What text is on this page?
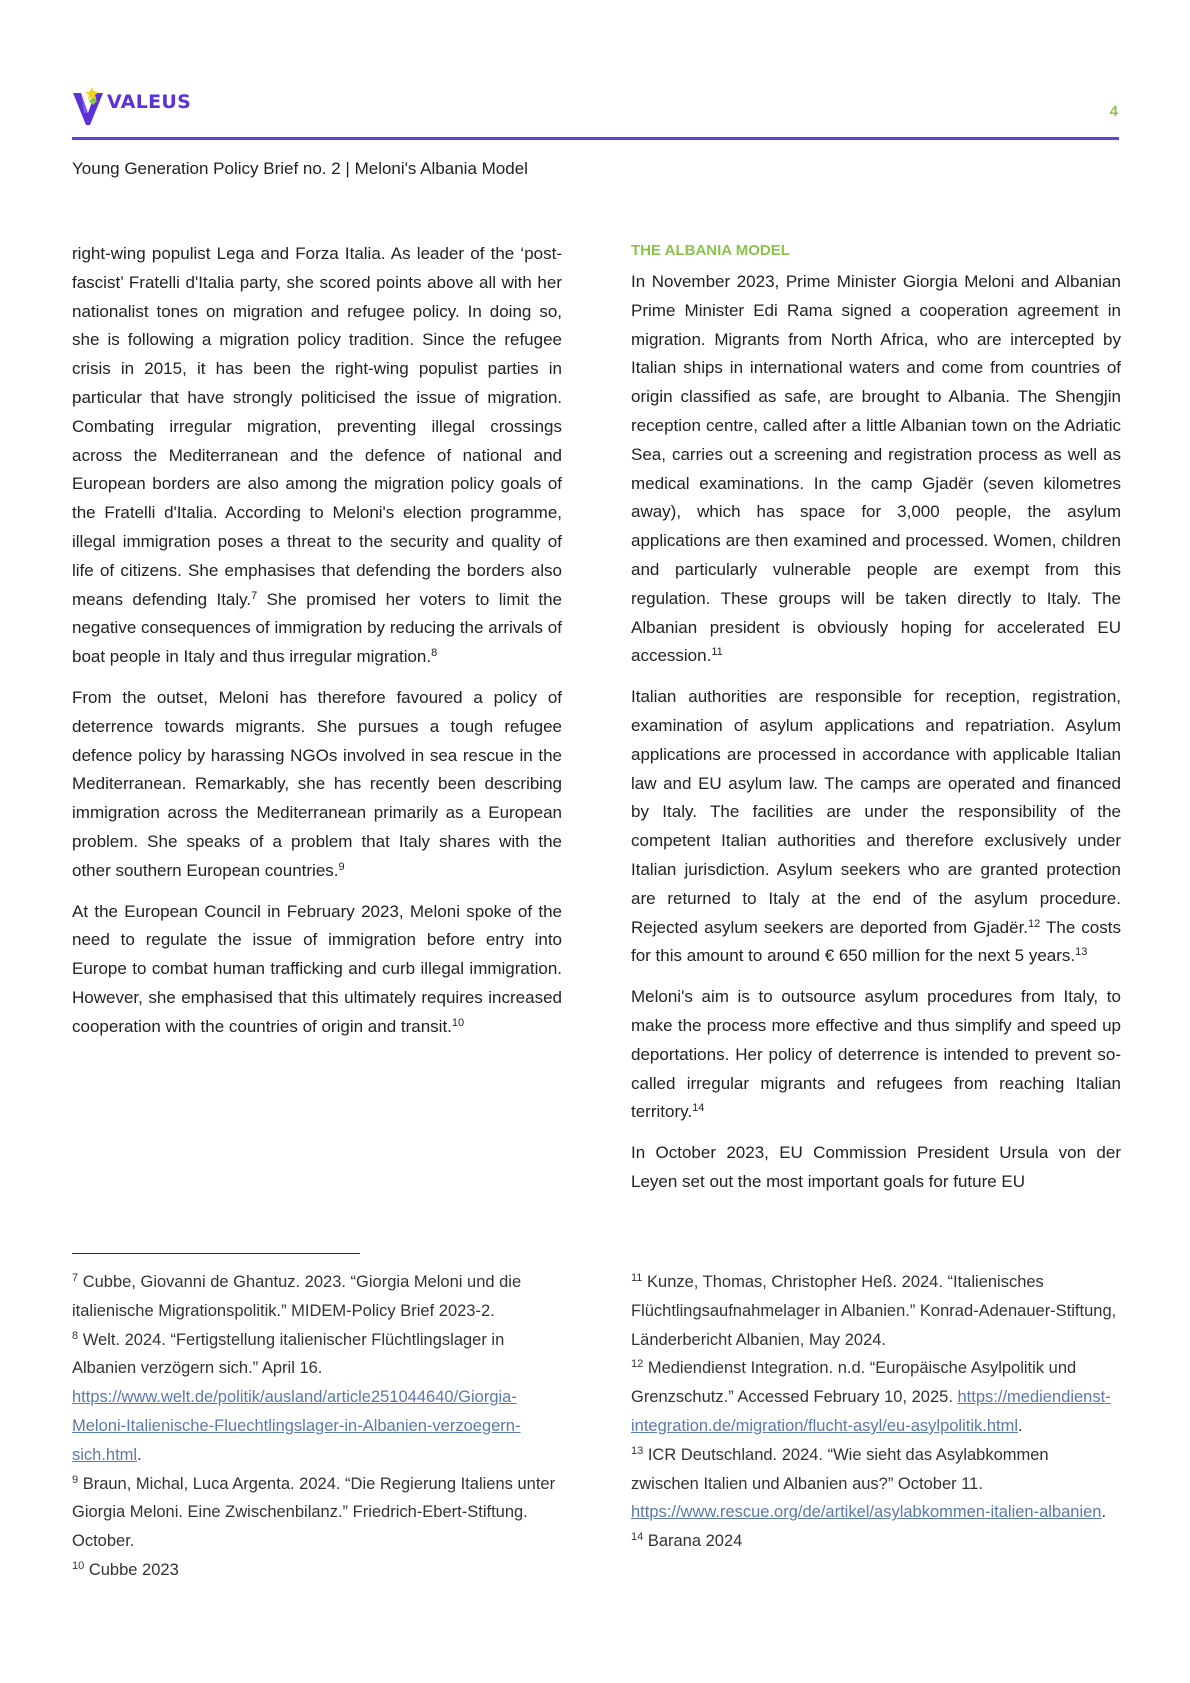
VALEUS	4
Young Generation Policy Brief no. 2 | Meloni's Albania Model

right-wing populist Lega and Forza Italia. As leader of the ‘post-fascist’ Fratelli d'Italia party, she scored points above all with her nationalist tones on migration and refugee policy. In doing so, she is following a migration policy tradition. Since the refugee crisis in 2015, it has been the right-wing populist parties in particular that have strongly politicised the issue of migration. Combating irregular migration, preventing illegal crossings across the Mediterranean and the defence of national and European borders are also among the migration policy goals of the Fratelli d'Italia. According to Meloni's election programme, illegal immigration poses a threat to the security and quality of life of citizens. She emphasises that defending the borders also means defending Italy.$^7$ She promised her voters to limit the negative consequences of immigration by reducing the arrivals of boat people in Italy and thus irregular migration.$^8$

From the outset, Meloni has therefore favoured a policy of deterrence towards migrants. She pursues a tough refugee defence policy by harassing NGOs involved in sea rescue in the Mediterranean. Remarkably, she has recently been describing immigration across the Mediterranean primarily as a European problem. She speaks of a problem that Italy shares with the other southern European countries.$^9$

At the European Council in February 2023, Meloni spoke of the need to regulate the issue of immigration before entry into Europe to combat human trafficking and curb illegal immigration. However, she emphasised that this ultimately requires increased cooperation with the countries of origin and transit.$^{10}$

THE ALBANIA MODEL

In November 2023, Prime Minister Giorgia Meloni and Albanian Prime Minister Edi Rama signed a cooperation agreement in migration. Migrants from North Africa, who are intercepted by Italian ships in international waters and come from countries of origin classified as safe, are brought to Albania. The Shengjin reception centre, called after a little Albanian town on the Adriatic Sea, carries out a screening and registration process as well as medical examinations. In the camp Gjadër (seven kilometres away), which has space for 3,000 people, the asylum applications are then examined and processed. Women, children and particularly vulnerable people are exempt from this regulation. These groups will be taken directly to Italy. The Albanian president is obviously hoping for accelerated EU accession.$^{11}$

Italian authorities are responsible for reception, registration, examination of asylum applications and repatriation. Asylum applications are processed in accordance with applicable Italian law and EU asylum law. The camps are operated and financed by Italy. The facilities are under the responsibility of the competent Italian authorities and therefore exclusively under Italian jurisdiction. Asylum seekers who are granted protection are returned to Italy at the end of the asylum procedure. Rejected asylum seekers are deported from Gjadër.$^{12}$ The costs for this amount to around € 650 million for the next 5 years.$^{13}$

Meloni's aim is to outsource asylum procedures from Italy, to make the process more effective and thus simplify and speed up deportations. Her policy of deterrence is intended to prevent so-called irregular migrants and refugees from reaching Italian territory.$^{14}$

In October 2023, EU Commission President Ursula von der Leyen set out the most important goals for future EU

$^7$ Cubbe, Giovanni de Ghantuz. 2023. “Giorgia Meloni und die italienische Migrationspolitik.” MIDEM-Policy Brief 2023-2.

$^8$ Welt. 2024. “Fertigstellung italienischer Flüchtlingslager in Albanien verzögern sich.” April 16. https://www.welt.de/politik/ausland/article251044640/Giorgia-Meloni-Italienische-Fluechtlingslager-in-Albanien-verzoegern-sich.html.

$^9$ Braun, Michal, Luca Argenta. 2024. “Die Regierung Italiens unter Giorgia Meloni. Eine Zwischenbilanz.” Friedrich-Ebert-Stiftung. October.

$^{10}$ Cubbe 2023

$^{11}$ Kunze, Thomas, Christopher Heß. 2024. “Italienisches Flüchtlingsaufnahmelager in Albanien.” Konrad-Adenauer-Stiftung, Länderbericht Albanien, May 2024.

$^{12}$ Mediendienst Integration. n.d. “Europäische Asylpolitik und Grenzschutz.” Accessed February 10, 2025. https://mediendienst-integration.de/migration/flucht-asyl/eu-asylpolitik.html.

$^{13}$ ICR Deutschland. 2024. “Wie sieht das Asylabkommen zwischen Italien und Albanien aus?” October 11. https://www.rescue.org/de/artikel/asylabkommen-italien-albanien.

$^{14}$ Barana 2024
